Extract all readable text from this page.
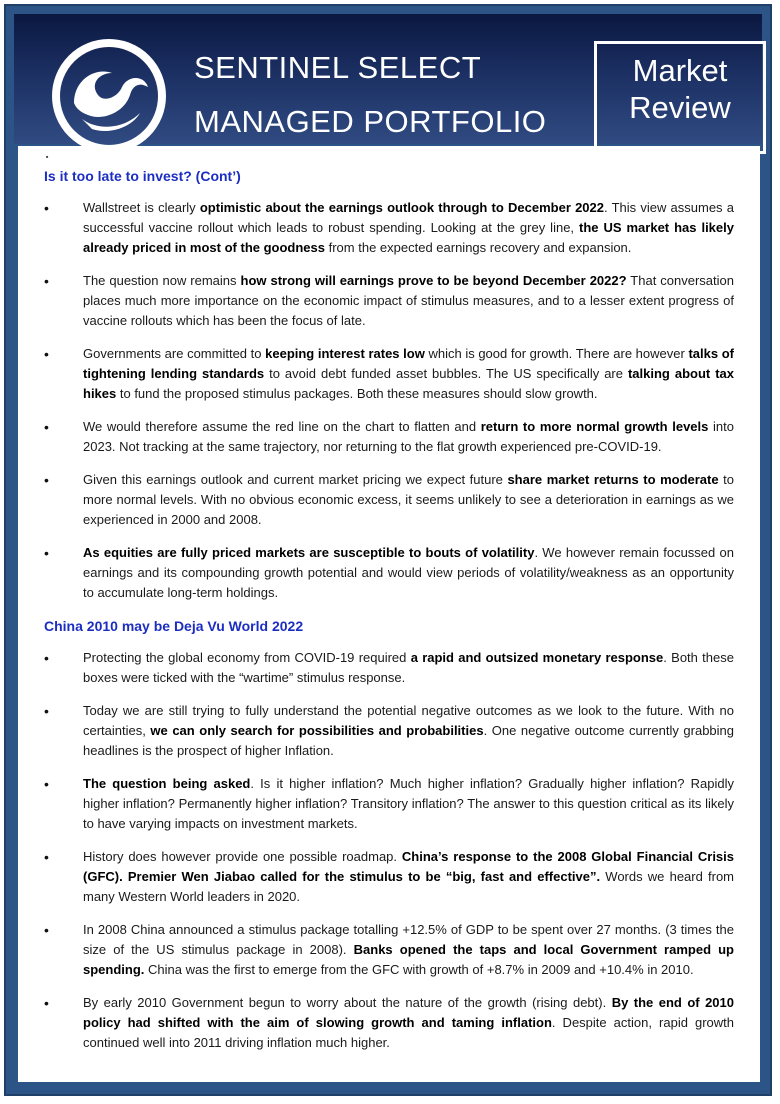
SENTINEL SELECT
MANAGED PORTFOLIO
Market
Review
■
Is it too late to invest? (Cont’)
•	Wallstreet is clearly optimistic about the earnings outlook through to December 2022. This view assumes a successful vaccine rollout which leads to robust spending. Looking at the grey line, the US market has likely already priced in most of the goodness from the expected earnings recovery and expansion.
•	The question now remains how strong will earnings prove to be beyond December 2022? That conversation places much more importance on the economic impact of stimulus measures, and to a lesser extent progress of vaccine rollouts which has been the focus of late.
•	Governments are committed to keeping interest rates low which is good for growth. There are however talks of tightening lending standards to avoid debt funded asset bubbles. The US specifically are talking about tax hikes to fund the proposed stimulus packages. Both these measures should slow growth.
•	We would therefore assume the red line on the chart to flatten and return to more normal growth levels into 2023. Not tracking at the same trajectory, nor returning to the flat growth experienced pre-COVID-19.
•	Given this earnings outlook and current market pricing we expect future share market returns to moderate to more normal levels. With no obvious economic excess, it seems unlikely to see a deterioration in earnings as we experienced in 2000 and 2008.
•	As equities are fully priced markets are susceptible to bouts of volatility. We however remain focussed on earnings and its compounding growth potential and would view periods of volatility/weakness as an opportunity to accumulate long-term holdings.
China 2010 may be Deja Vu World 2022
•	Protecting the global economy from COVID-19 required a rapid and outsized monetary response. Both these boxes were ticked with the “wartime” stimulus response.
•	Today we are still trying to fully understand the potential negative outcomes as we look to the future. With no certainties, we can only search for possibilities and probabilities. One negative outcome currently grabbing headlines is the prospect of higher Inflation.
•	The question being asked. Is it higher inflation? Much higher inflation? Gradually higher inflation? Rapidly higher inflation? Permanently higher inflation? Transitory inflation? The answer to this question critical as its likely to have varying impacts on investment markets.
•	History does however provide one possible roadmap. China’s response to the 2008 Global Financial Crisis (GFC). Premier Wen Jiabao called for the stimulus to be “big, fast and effective”. Words we heard from many Western World leaders in 2020.
•	In 2008 China announced a stimulus package totalling +12.5% of GDP to be spent over 27 months. (3 times the size of the US stimulus package in 2008). Banks opened the taps and local Government ramped up spending. China was the first to emerge from the GFC with growth of +8.7% in 2009 and +10.4% in 2010.
•	By early 2010 Government begun to worry about the nature of the growth (rising debt). By the end of 2010 policy had shifted with the aim of slowing growth and taming inflation. Despite action, rapid growth continued well into 2011 driving inflation much higher.
